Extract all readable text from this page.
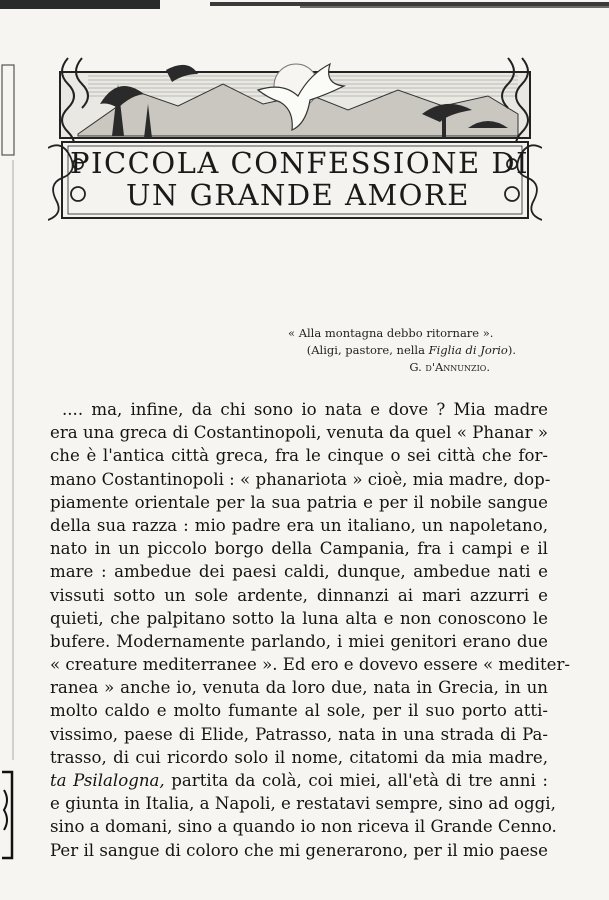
PICCOLA CONFESSIONE DI
UN GRANDE AMORE
« Alla montagna debbo ritornare ».
(Aligi, pastore, nella Figlia di Jorio).
G. d'Annunzio.
.... ma, infine, da chi sono io nata e dove ? Mia madre
era una greca di Costantinopoli, venuta da quel « Phanar »
che è l'antica città greca, fra le cinque o sei città che for-
mano Costantinopoli : « phanariota » cioè, mia madre, dop-
piamente orientale per la sua patria e per il nobile sangue
della sua razza : mio padre era un italiano, un napoletano,
nato in un piccolo borgo della Campania, fra i campi e il
mare : ambedue dei paesi caldi, dunque, ambedue nati e
vissuti sotto un sole ardente, dinnanzi ai mari azzurri e
quieti, che palpitano sotto la luna alta e non conoscono le
bufere. Modernamente parlando, i miei genitori erano due
« creature mediterranee ». Ed ero e dovevo essere « mediter-
ranea » anche io, venuta da loro due, nata in Grecia, in un
molto caldo e molto fumante al sole, per il suo porto atti-
vissimo, paese di Elide, Patrasso, nata in una strada di Pa-
trasso, di cui ricordo solo il nome, citatomi da mia madre,
ta Psilalogna, partita da colà, coi miei, all'età di tre anni :
e giunta in Italia, a Napoli, e restatavi sempre, sino ad oggi,
sino a domani, sino a quando io non riceva il Grande Cenno.
Per il sangue di coloro che mi generarono, per il mio paese
